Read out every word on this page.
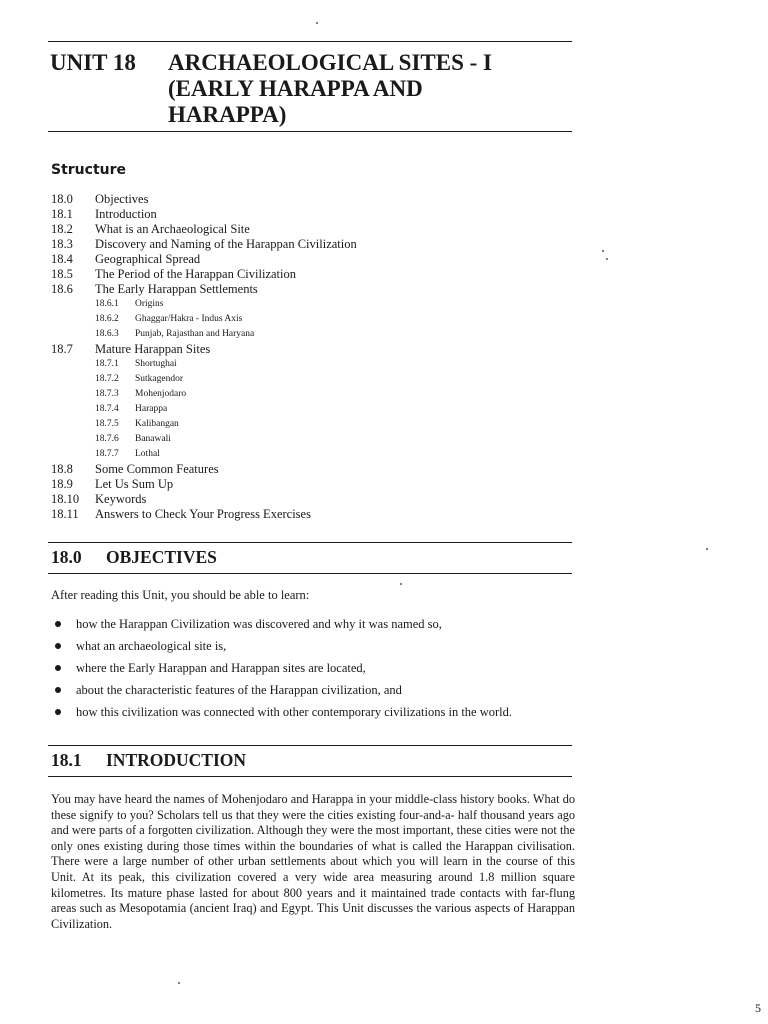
UNIT 18 ARCHAEOLOGICAL SITES - I
(EARLY HARAPPA AND
HARAPPA)
Structure
18.0 Objectives
18.1 Introduction
18.2 What is an Archaeological Site
18.3 Discovery and Naming of the Harappan Civilization
18.4 Geographical Spread
18.5 The Period of the Harappan Civilization
18.6 The Early Harappan Settlements
18.6.1 Origins
18.6.2 Ghaggar/Hakra - Indus Axis
18.6.3 Punjab, Rajasthan and Haryana
18.7 Mature Harappan Sites
18.7.1 Shortughai
18.7.2 Sutkagendor
18.7.3 Mohenjodaro
18.7.4 Harappa
18.7.5 Kalibangan
18.7.6 Banawali
18.7.7 Lothal
18.8 Some Common Features
18.9 Let Us Sum Up
18.10 Keywords
18.11 Answers to Check Your Progress Exercises
18.0 OBJECTIVES

After reading this Unit, you should be able to learn:

how the Harappan Civilization was discovered and why it was named so,
what an archaeological site is,
where the Early Harappan and Harappan sites are located,
about the characteristic features of the Harappan civilization, and
how this civilization was connected with other contemporary civilizations in the world.
18.1 INTRODUCTION

You may have heard the names of Mohenjodaro and Harappa in your middle-class history books. What do these signify to you? Scholars tell us that they were the cities existing four-and-a- half thousand years ago and were parts of a forgotten civilization. Although they were the most important, these cities were not the only ones existing during those times within the boundaries of what is called the Harappan civilisation. There were a large number of other urban settlements about which you will learn in the course of this Unit. At its peak, this civilization covered a very wide area measuring around 1.8 million square kilometres. Its mature phase lasted for about 800 years and it maintained trade contacts with far-flung areas such as Mesopotamia (ancient Iraq) and Egypt. This Unit discusses the various aspects of Harappan Civilization.

5
